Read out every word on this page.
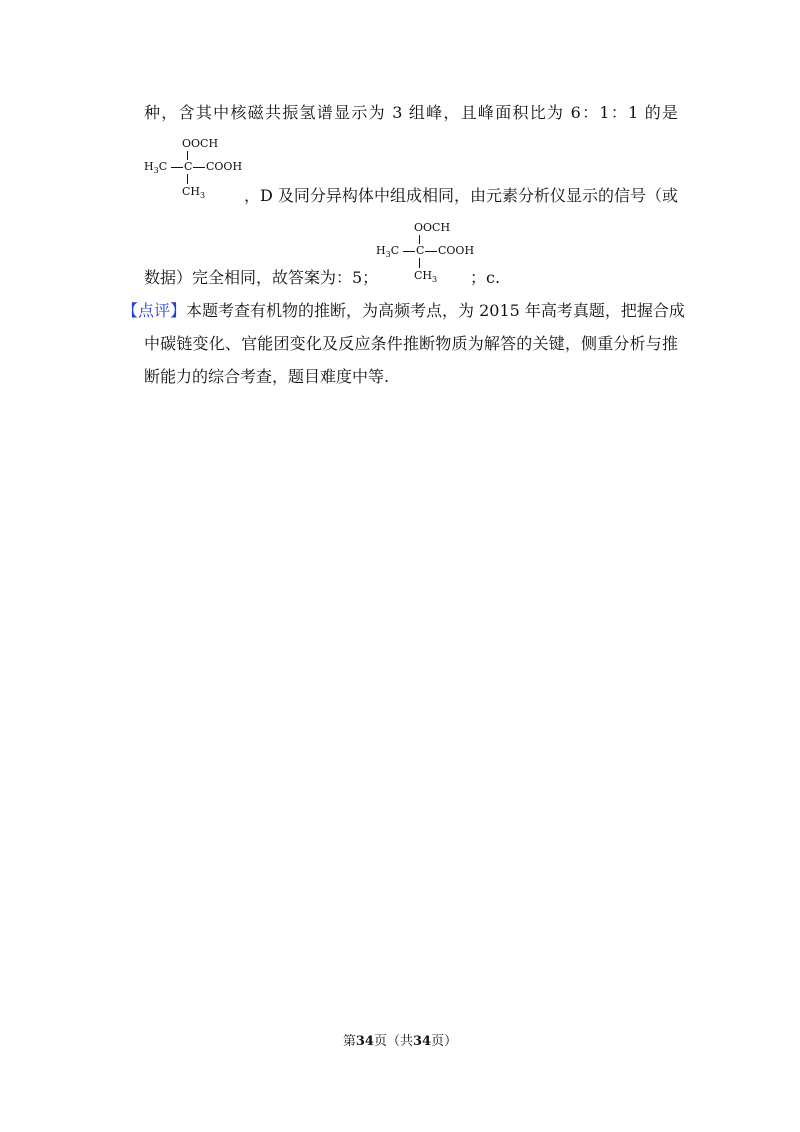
种，含其中核磁共振氢谱显示为 3 组峰，且峰面积比为 6：1：1 的是
OOCH
$H_3C$ C COOH
$CH_3$ ，D 及同分异构体中组成相同，由元素分析仪显示的信号（或
OOCH
$H_3C$ C COOH
$CH_3$
数据）完全相同，故答案为：5；	；c.
【点评】本题考查有机物的推断，为高频考点，为 2015 年高考真题，把握合成
中碳链变化、官能团变化及反应条件推断物质为解答的关键，侧重分析与推
断能力的综合考查，题目难度中等.
第34页（共34页）
